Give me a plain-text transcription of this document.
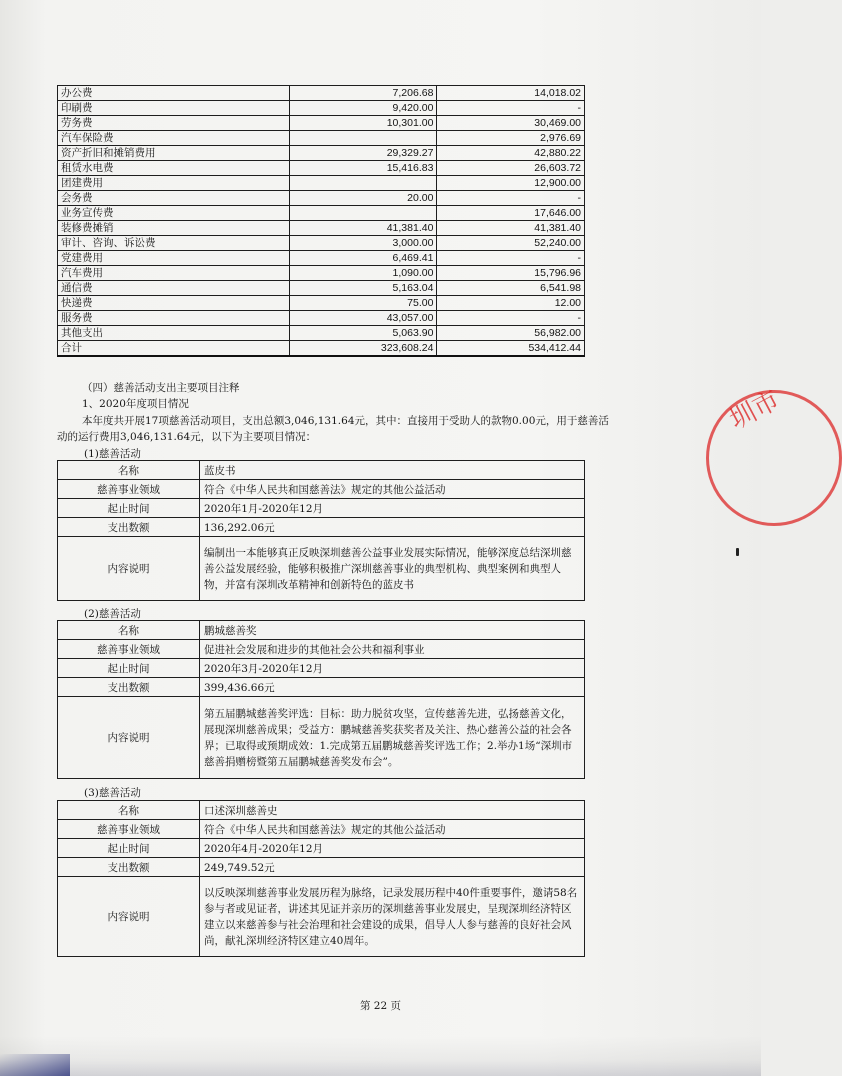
办公费	7,206.68	14,018.02
印刷费	9,420.00	-
劳务费	10,301.00	30,469.00
汽车保险费		2,976.69
资产折旧和摊销费用	29,329.27	42,880.22
租赁水电费	15,416.83	26,603.72
团建费用		12,900.00
会务费	20.00	-
业务宣传费		17,646.00
装修费摊销	41,381.40	41,381.40
审计、咨询、诉讼费	3,000.00	52,240.00
党建费用	6,469.41	-
汽车费用	1,090.00	15,796.96
通信费	5,163.04	6,541.98
快递费	75.00	12.00
服务费	43,057.00	-
其他支出	5,063.90	56,982.00
合计	323,608.24	534,412.44
（四）慈善活动支出主要项目注释
1、2020年度项目情况
本年度共开展17项慈善活动项目，支出总额3,046,131.64元，其中：直接用于受助人的款物0.00元，用于慈善活
动的运行费用3,046,131.64元，以下为主要项目情况：
(1)慈善活动
名称	蓝皮书
慈善事业领域	符合《中华人民共和国慈善法》规定的其他公益活动
起止时间	2020年1月-2020年12月
支出数额	136,292.06元
内容说明	编制出一本能够真正反映深圳慈善公益事业发展实际情况，能够深度总结深圳慈善公益发展经验，能够积极推广深圳慈善事业的典型机构、典型案例和典型人物，并富有深圳改革精神和创新特色的蓝皮书
(2)慈善活动
名称	鹏城慈善奖
慈善事业领域	促进社会发展和进步的其他社会公共和福利事业
起止时间	2020年3月-2020年12月
支出数额	399,436.66元
内容说明	第五届鹏城慈善奖评选：目标：助力脱贫攻坚，宣传慈善先进，弘扬慈善文化，展现深圳慈善成果；受益方：鹏城慈善奖获奖者及关注、热心慈善公益的社会各界；已取得或预期成效：1.完成第五届鹏城慈善奖评选工作；2.举办1场“深圳市慈善捐赠榜暨第五届鹏城慈善奖发布会”。
(3)慈善活动
名称	口述深圳慈善史
慈善事业领域	符合《中华人民共和国慈善法》规定的其他公益活动
起止时间	2020年4月-2020年12月
支出数额	249,749.52元
内容说明	以反映深圳慈善事业发展历程为脉络，记录发展历程中40件重要事件，邀请58名参与者或见证者，讲述其见证并亲历的深圳慈善事业发展史，呈现深圳经济特区建立以来慈善参与社会治理和社会建设的成果，倡导人人参与慈善的良好社会风尚，献礼深圳经济特区建立40周年。
第 22 页
圳市
